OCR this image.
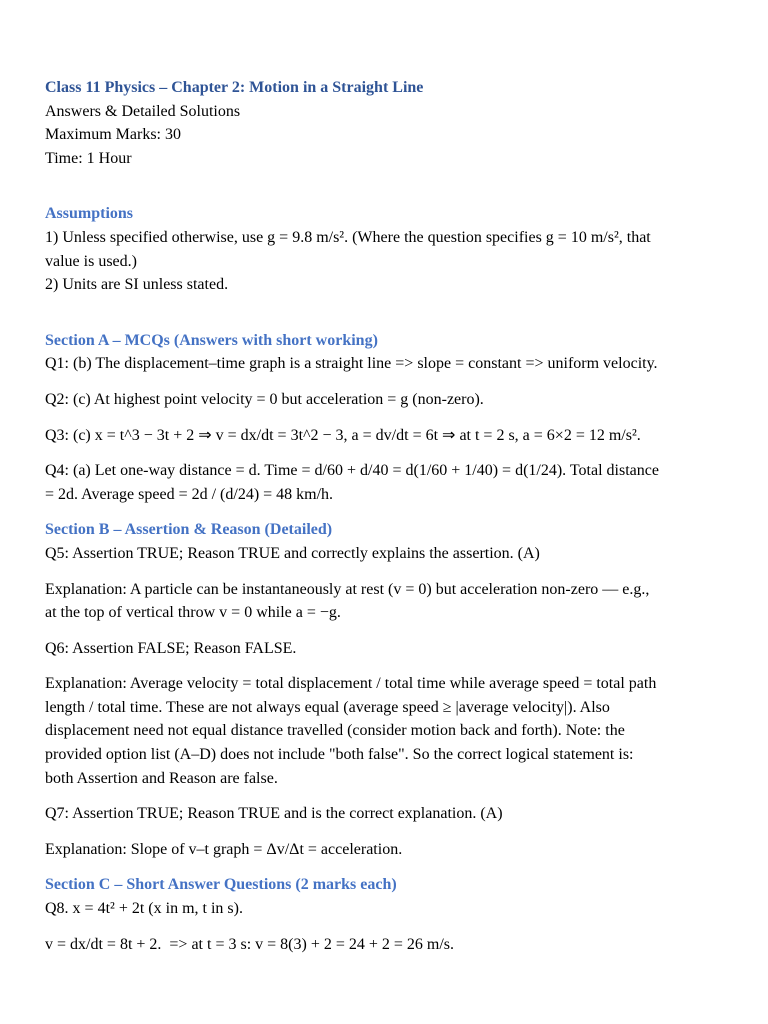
Class 11 Physics – Chapter 2: Motion in a Straight Line
Answers & Detailed Solutions
Maximum Marks: 30
Time: 1 Hour
Assumptions
1) Unless specified otherwise, use g = 9.8 m/s². (Where the question specifies g = 10 m/s², that
value is used.)
2) Units are SI unless stated.
Section A – MCQs (Answers with short working)
Q1: (b) The displacement–time graph is a straight line => slope = constant => uniform velocity.
Q2: (c) At highest point velocity = 0 but acceleration = g (non-zero).
Q3: (c) x = t^3 − 3t + 2 ⇒ v = dx/dt = 3t^2 − 3, a = dv/dt = 6t ⇒ at t = 2 s, a = 6×2 = 12 m/s².
Q4: (a) Let one-way distance = d. Time = d/60 + d/40 = d(1/60 + 1/40) = d(1/24). Total distance
= 2d. Average speed = 2d / (d/24) = 48 km/h.
Section B – Assertion & Reason (Detailed)
Q5: Assertion TRUE; Reason TRUE and correctly explains the assertion. (A)
Explanation: A particle can be instantaneously at rest (v = 0) but acceleration non-zero — e.g.,
at the top of vertical throw v = 0 while a = −g.
Q6: Assertion FALSE; Reason FALSE.
Explanation: Average velocity = total displacement / total time while average speed = total path
length / total time. These are not always equal (average speed ≥ |average velocity|). Also
displacement need not equal distance travelled (consider motion back and forth). Note: the
provided option list (A–D) does not include "both false". So the correct logical statement is:
both Assertion and Reason are false.
Q7: Assertion TRUE; Reason TRUE and is the correct explanation. (A)
Explanation: Slope of v–t graph = Δv/Δt = acceleration.
Section C – Short Answer Questions (2 marks each)
Q8. x = 4t² + 2t (x in m, t in s).
v = dx/dt = 8t + 2.  => at t = 3 s: v = 8(3) + 2 = 24 + 2 = 26 m/s.
